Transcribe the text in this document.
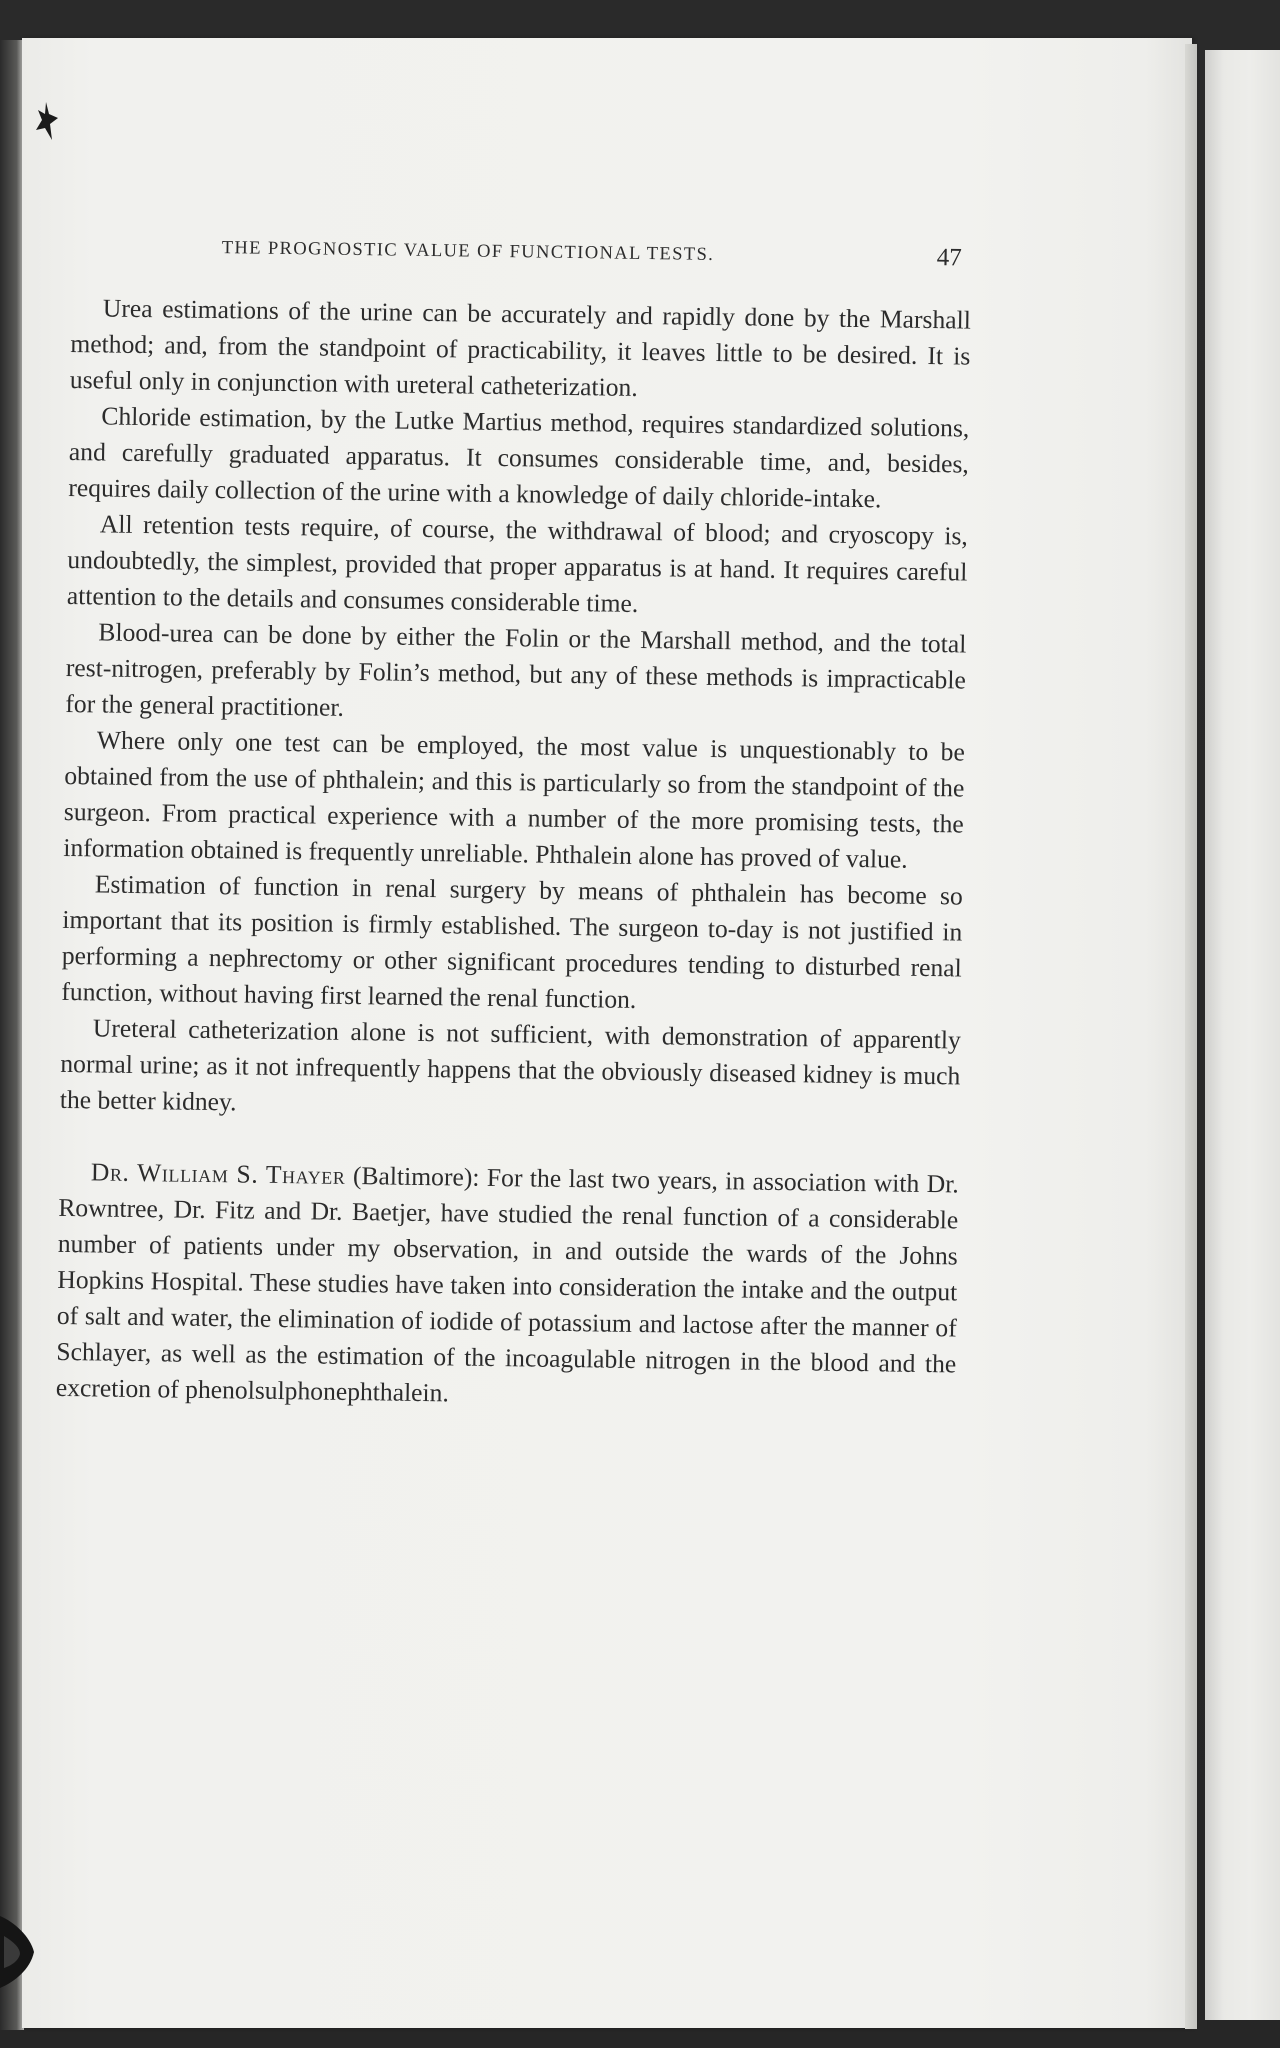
THE PROGNOSTIC VALUE OF FUNCTIONAL TESTS.	47

Urea estimations of the urine can be accurately and rapidly done by the Marshall method; and, from the standpoint of practicability, it leaves little to be desired. It is useful only in conjunction with ureteral catheterization.

Chloride estimation, by the Lutke Martius method, requires standardized solutions, and carefully graduated apparatus. It consumes considerable time, and, besides, requires daily collection of the urine with a knowledge of daily chloride-intake.

All retention tests require, of course, the withdrawal of blood; and cryoscopy is, undoubtedly, the simplest, provided that proper apparatus is at hand. It requires careful attention to the details and consumes considerable time.

Blood-urea can be done by either the Folin or the Marshall method, and the total rest-nitrogen, preferably by Folin’s method, but any of these methods is impracticable for the general practitioner.

Where only one test can be employed, the most value is unquestionably to be obtained from the use of phthalein; and this is particularly so from the standpoint of the surgeon. From practical experience with a number of the more promising tests, the information obtained is frequently unreliable. Phthalein alone has proved of value.

Estimation of function in renal surgery by means of phthalein has become so important that its position is firmly established. The surgeon to-day is not justified in performing a nephrectomy or other significant procedures tending to disturbed renal function, without having first learned the renal function.

Ureteral catheterization alone is not sufficient, with demonstration of apparently normal urine; as it not infrequently happens that the obviously diseased kidney is much the better kidney.

Dr. William S. Thayer (Baltimore): For the last two years, in association with Dr. Rowntree, Dr. Fitz and Dr. Baetjer, have studied the renal function of a considerable number of patients under my observation, in and outside the wards of the Johns Hopkins Hospital. These studies have taken into consideration the intake and the output of salt and water, the elimination of iodide of potassium and lactose after the manner of Schlayer, as well as the estimation of the incoagulable nitrogen in the blood and the excretion of phenolsulphonephthalein.
